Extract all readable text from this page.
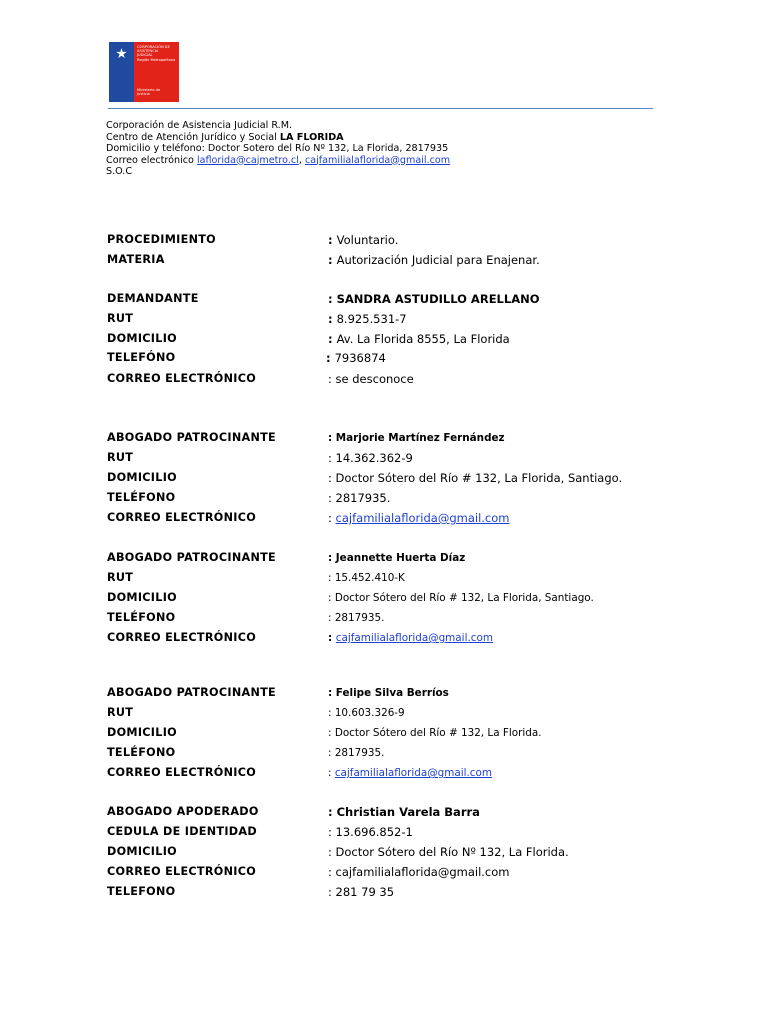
CORPORACIÓN DE
ASISTENCIA
JUDICIAL
Región Metropolitana
Ministerio de
Justicia
Corporación de Asistencia Judicial R.M.
Centro de Atención Jurídico y Social LA FLORIDA
Domicilio y teléfono: Doctor Sotero del Río Nº 132, La Florida, 2817935
Correo electrónico laflorida@cajmetro.cl, cajfamilialaflorida@gmail.com
S.O.C
PROCEDIMIENTO	: Voluntario.
MATERIA	: Autorización Judicial para Enajenar.
DEMANDANTE	: SANDRA ASTUDILLO ARELLANO
RUT	: 8.925.531-7
DOMICILIO	: Av. La Florida 8555, La Florida
TELEFÓNO	: 7936874
CORREO ELECTRÓNICO	: se desconoce
ABOGADO PATROCINANTE	: Marjorie Martínez Fernández
RUT	: 14.362.362-9
DOMICILIO	: Doctor Sótero del Río # 132, La Florida, Santiago.
TELÉFONO	: 2817935.
CORREO ELECTRÓNICO	: cajfamilialaflorida@gmail.com
ABOGADO PATROCINANTE	: Jeannette Huerta Díaz
RUT	: 15.452.410-K
DOMICILIO	: Doctor Sótero del Río # 132, La Florida, Santiago.
TELÉFONO	: 2817935.
CORREO ELECTRÓNICO	: cajfamilialaflorida@gmail.com
ABOGADO PATROCINANTE	: Felipe Silva Berríos
RUT	: 10.603.326-9
DOMICILIO	: Doctor Sótero del Río # 132, La Florida.
TELÉFONO	: 2817935.
CORREO ELECTRÓNICO	: cajfamilialaflorida@gmail.com
ABOGADO APODERADO	: Christian Varela Barra
CEDULA DE IDENTIDAD	: 13.696.852-1
DOMICILIO	: Doctor Sótero del Río Nº 132, La Florida.
CORREO ELECTRÓNICO	: cajfamilialaflorida@gmail.com
TELEFONO	: 281 79 35
